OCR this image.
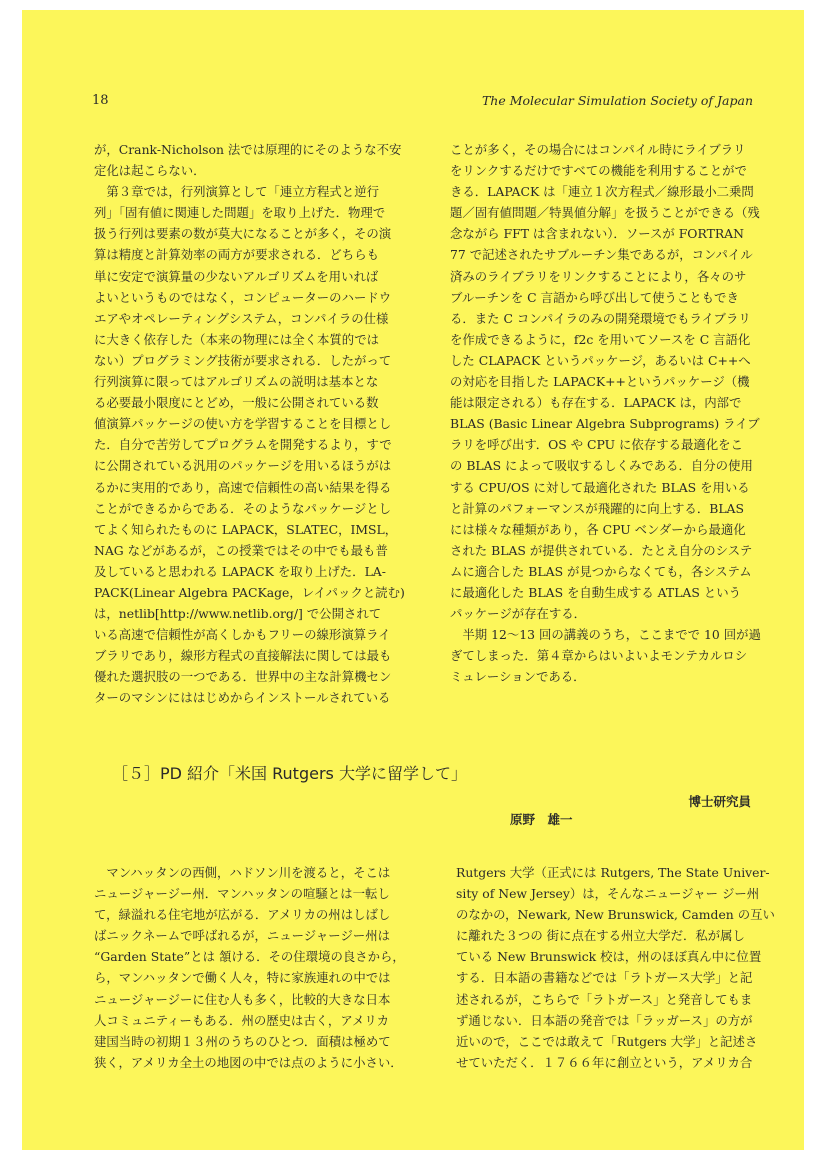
18	The Molecular Simulation Society of Japan

が，Crank-Nicholson 法では原理的にそのような不安

定化は起こらない．

　第３章では，行列演算として「連立方程式と逆行

列」「固有値に関連した問題」を取り上げた．物理で

扱う行列は要素の数が莫大になることが多く，その演

算は精度と計算効率の両方が要求される．どちらも

単に安定で演算量の少ないアルゴリズムを用いれば

よいというものではなく，コンピューターのハードウ

エアやオペレーティングシステム，コンパイラの仕様

に大きく依存した（本来の物理には全く本質的では

ない）プログラミング技術が要求される．したがって

行列演算に限ってはアルゴリズムの説明は基本とな

る必要最小限度にとどめ，一般に公開されている数

値演算パッケージの使い方を学習することを目標とし

た．自分で苦労してプログラムを開発するより，すで

に公開されている汎用のパッケージを用いるほうがは

るかに実用的であり，高速で信頼性の高い結果を得る

ことができるからである．そのようなパッケージとし

てよく知られたものに LAPACK，SLATEC，IMSL，

NAG などがあるが，この授業ではその中でも最も普

及していると思われる LAPACK を取り上げた．LA-

PACK(Linear Algebra PACKage，レイパックと読む)

は，netlib[http://www.netlib.org/] で公開されて

いる高速で信頼性が高くしかもフリーの線形演算ライ

ブラリであり，線形方程式の直接解法に関しては最も

優れた選択肢の一つである．世界中の主な計算機セン

ターのマシンにははじめからインストールされている

ことが多く，その場合にはコンパイル時にライブラリ

をリンクするだけですべての機能を利用することがで

きる．LAPACK は「連立１次方程式／線形最小二乗問

題／固有値問題／特異値分解」を扱うことができる（残

念ながら FFT は含まれない）．ソースが FORTRAN

77 で記述されたサブルーチン集であるが，コンパイル

済みのライブラリをリンクすることにより，各々のサ

ブルーチンを C 言語から呼び出して使うこともでき

る．また C コンパイラのみの開発環境でもライブラリ

を作成できるように，f2c を用いてソースを C 言語化

した CLAPACK というパッケージ，あるいは C++へ

の対応を目指した LAPACK++というパッケージ（機

能は限定される）も存在する．LAPACK は，内部で

BLAS (Basic Linear Algebra Subprograms) ライブ

ラリを呼び出す．OS や CPU に依存する最適化をこ

の BLAS によって吸収するしくみである．自分の使用

する CPU/OS に対して最適化された BLAS を用いる

と計算のパフォーマンスが飛躍的に向上する．BLAS

には様々な種類があり，各 CPU ベンダーから最適化

された BLAS が提供されている．たとえ自分のシステ

ムに適合した BLAS が見つからなくても，各システム

に最適化した BLAS を自動生成する ATLAS という

パッケージが存在する．

　半期 12〜13 回の講義のうち，ここまでで 10 回が過

ぎてしまった．第４章からはいよいよモンテカルロシ

ミュレーションである．

［５］PD 紹介「米国 Rutgers 大学に留学して」
博士研究員
原野　雄一

　マンハッタンの西側，ハドソン川を渡ると，そこは

ニュージャージー州．マンハッタンの喧騒とは一転し

て，緑溢れる住宅地が広がる．アメリカの州はしばし

ばニックネームで呼ばれるが，ニュージャージー州は

“Garden State”とは 頷ける．その住環境の良さから，

ら，マンハッタンで働く人々，特に家族連れの中では

ニュージャージーに住む人も多く，比較的大きな日本

人コミュニティーもある．州の歴史は古く，アメリカ

建国当時の初期１３州のうちのひとつ．面積は極めて

狭く，アメリカ全土の地図の中では点のように小さい．

Rutgers 大学（正式には Rutgers, The State Univer-

sity of New Jersey）は，そんなニュージャー ジー州

のなかの，Newark, New Brunswick, Camden の互い

に離れた３つの 街に点在する州立大学だ．私が属し

ている New Brunswick 校は，州のほぼ真ん中に位置

する．日本語の書籍などでは「ラトガース大学」と記

述されるが，こちらで「ラトガース」と発音してもま

ず通じない．日本語の発音では「ラッガース」の方が

近いので，ここでは敢えて「Rutgers 大学」と記述さ

せていただく．１７６６年に創立という，アメリカ合
